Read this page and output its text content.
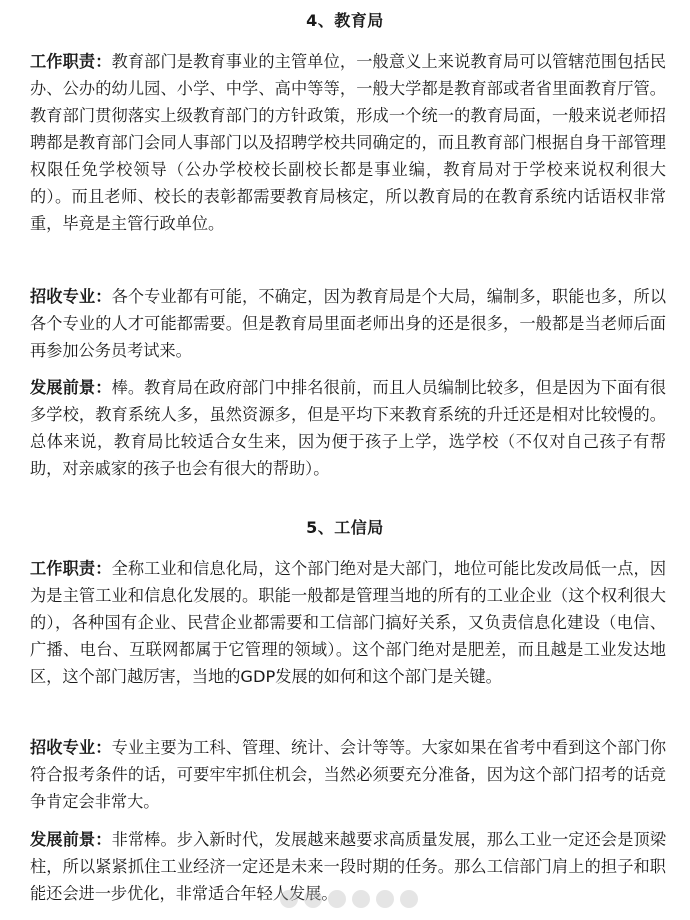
4、教育局

工作职责：教育部门是教育事业的主管单位，一般意义上来说教育局可以管辖范围包括民办、公办的幼儿园、小学、中学、高中等等，一般大学都是教育部或者省里面教育厅管。教育部门贯彻落实上级教育部门的方针政策，形成一个统一的教育局面，一般来说老师招聘都是教育部门会同人事部门以及招聘学校共同确定的，而且教育部门根据自身干部管理权限任免学校领导（公办学校校长副校长都是事业编，教育局对于学校来说权利很大的）。而且老师、校长的表彰都需要教育局核定，所以教育局的在教育系统内话语权非常重，毕竟是主管行政单位。

招收专业：各个专业都有可能，不确定，因为教育局是个大局，编制多，职能也多，所以各个专业的人才可能都需要。但是教育局里面老师出身的还是很多，一般都是当老师后面再参加公务员考试来。

发展前景：棒。教育局在政府部门中排名很前，而且人员编制比较多，但是因为下面有很多学校，教育系统人多，虽然资源多，但是平均下来教育系统的升迁还是相对比较慢的。总体来说，教育局比较适合女生来，因为便于孩子上学，选学校（不仅对自己孩子有帮助，对亲戚家的孩子也会有很大的帮助）。

5、工信局

工作职责：全称工业和信息化局，这个部门绝对是大部门，地位可能比发改局低一点，因为是主管工业和信息化发展的。职能一般都是管理当地的所有的工业企业（这个权利很大的），各种国有企业、民营企业都需要和工信部门搞好关系，又负责信息化建设（电信、广播、电台、互联网都属于它管理的领域）。这个部门绝对是肥差，而且越是工业发达地区，这个部门越厉害，当地的GDP发展的如何和这个部门是关键。

招收专业：专业主要为工科、管理、统计、会计等等。大家如果在省考中看到这个部门你符合报考条件的话，可要牢牢抓住机会，当然必须要充分准备，因为这个部门招考的话竞争肯定会非常大。

发展前景：非常棒。步入新时代，发展越来越要求高质量发展，那么工业一定还会是顶梁柱，所以紧紧抓住工业经济一定还是未来一段时期的任务。那么工信部门肩上的担子和职能还会进一步优化，非常适合年轻人发展。
